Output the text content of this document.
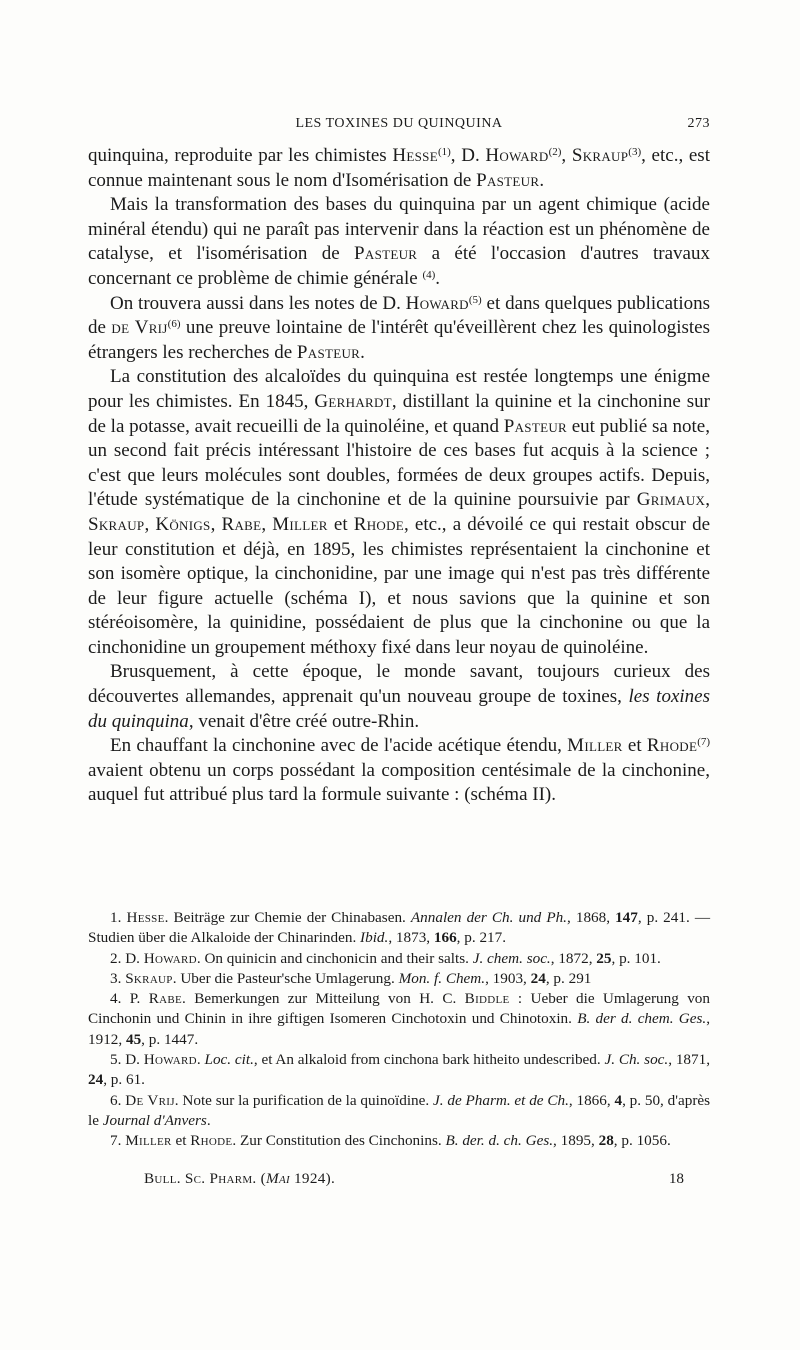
LES TOXINES DU QUINQUINA	273

quinquina, reproduite par les chimistes Hesse$^{(1)}$, D. Howard$^{(2)}$, Skraup$^{(3)}$, etc., est connue maintenant sous le nom d'Isomérisation de Pasteur.

Mais la transformation des bases du quinquina par un agent chimique (acide minéral étendu) qui ne paraît pas intervenir dans la réaction est un phénomène de catalyse, et l'isomérisation de Pasteur a été l'occasion d'autres travaux concernant ce problème de chimie générale $^{(4)}$.

On trouvera aussi dans les notes de D. Howard$^{(5)}$ et dans quelques publications de de Vrij$^{(6)}$ une preuve lointaine de l'intérêt qu'éveillèrent chez les quinologistes étrangers les recherches de Pasteur.

La constitution des alcaloïdes du quinquina est restée longtemps une énigme pour les chimistes. En 1845, Gerhardt, distillant la quinine et la cinchonine sur de la potasse, avait recueilli de la quinoléine, et quand Pasteur eut publié sa note, un second fait précis intéressant l'histoire de ces bases fut acquis à la science ; c'est que leurs molécules sont doubles, formées de deux groupes actifs. Depuis, l'étude systématique de la cinchonine et de la quinine poursuivie par Grimaux, Skraup, Königs, Rabe, Miller et Rhode, etc., a dévoilé ce qui restait obscur de leur constitution et déjà, en 1895, les chimistes représentaient la cinchonine et son isomère optique, la cinchonidine, par une image qui n'est pas très différente de leur figure actuelle (schéma I), et nous savions que la quinine et son stéréoisomère, la quinidine, possédaient de plus que la cinchonine ou que la cinchonidine un groupement méthoxy fixé dans leur noyau de quinoléine.

Brusquement, à cette époque, le monde savant, toujours curieux des découvertes allemandes, apprenait qu'un nouveau groupe de toxines, les toxines du quinquina, venait d'être créé outre-Rhin.

En chauffant la cinchonine avec de l'acide acétique étendu, Miller et Rhode$^{(7)}$ avaient obtenu un corps possédant la composition centésimale de la cinchonine, auquel fut attribué plus tard la formule suivante : (schéma II).

1. Hesse. Beiträge zur Chemie der Chinabasen. Annalen der Ch. und Ph., 1868, 147, p. 241. — Studien über die Alkaloide der Chinarinden. Ibid., 1873, 166, p. 217.

2. D. Howard. On quinicin and cinchonicin and their salts. J. chem. soc., 1872, 25, p. 101.

3. Skraup. Uber die Pasteur'sche Umlagerung. Mon. f. Chem., 1903, 24, p. 291

4. P. Rabe. Bemerkungen zur Mitteilung von H. C. Biddle : Ueber die Umlagerung von Cinchonin und Chinin in ihre giftigen Isomeren Cinchotoxin und Chinotoxin. B. der d. chem. Ges., 1912, 45, p. 1447.

5. D. Howard. Loc. cit., et An alkaloid from cinchona bark hitheito undescribed. J. Ch. soc., 1871, 24, p. 61.

6. De Vrij. Note sur la purification de la quinoïdine. J. de Pharm. et de Ch., 1866, 4, p. 50, d'après le Journal d'Anvers.

7. Miller et Rhode. Zur Constitution des Cinchonins. B. der. d. ch. Ges., 1895, 28, p. 1056.

Bull. Sc. Pharm. (Mai 1924).	18
